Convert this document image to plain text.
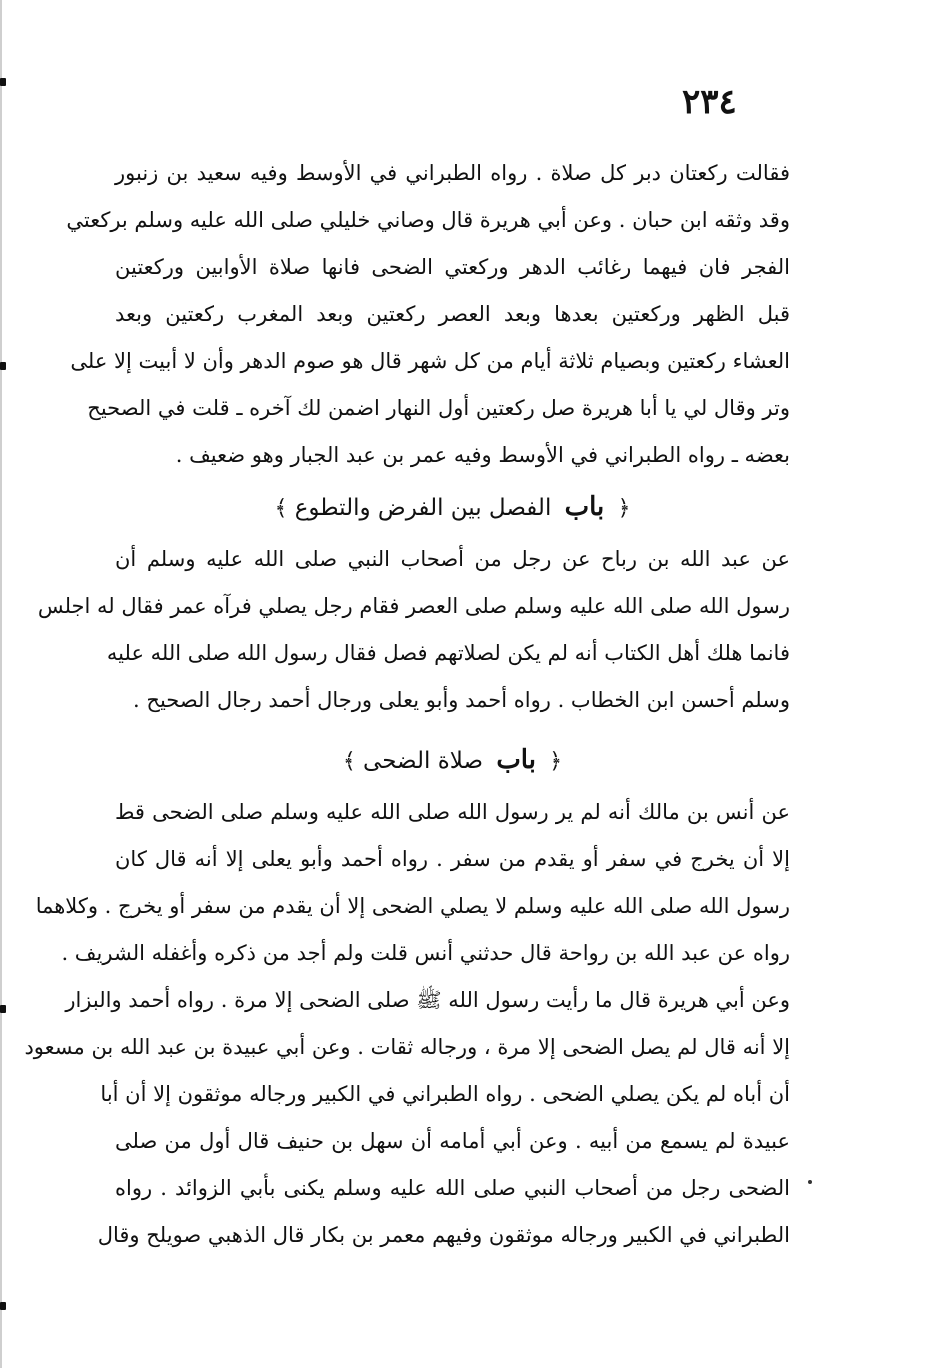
٢٣٤
فقالت ركعتان دبر كل صلاة . رواه الطبراني في الأوسط وفيه سعيد بن زنبور
وقد وثقه ابن حبان . وعن أبي هريرة قال وصاني خليلي صلى الله عليه وسلم بركعتي
الفجر فان فيهما رغائب الدهر وركعتي الضحى فانها صلاة الأوابين وركعتين
قبل الظهر وركعتين بعدها وبعد العصر ركعتين وبعد المغرب ركعتين وبعد
العشاء ركعتين وبصيام ثلاثة أيام من كل شهر قال هو صوم الدهر وأن لا أبيت إلا على
وتر وقال لي يا أبا هريرة صل ركعتين أول النهار اضمن لك آخره ـ قلت في الصحيح
بعضه ـ رواه الطبراني في الأوسط وفيه عمر بن عبد الجبار وهو ضعيف .
﴿ باب الفصل بين الفرض والتطوع ﴾
عن عبد الله بن رباح عن رجل من أصحاب النبي صلى الله عليه وسلم أن
رسول الله صلى الله عليه وسلم صلى العصر فقام رجل يصلي فرآه عمر فقال له اجلس
فانما هلك أهل الكتاب أنه لم يكن لصلاتهم فصل فقال رسول الله صلى الله عليه
وسلم أحسن ابن الخطاب . رواه أحمد وأبو يعلى ورجال أحمد رجال الصحيح .
﴿ باب صلاة الضحى ﴾
عن أنس بن مالك أنه لم ير رسول الله صلى الله عليه وسلم صلى الضحى قط
إلا أن يخرج في سفر أو يقدم من سفر . رواه أحمد وأبو يعلى إلا أنه قال كان
رسول الله صلى الله عليه وسلم لا يصلي الضحى إلا أن يقدم من سفر أو يخرج . وكلاهما
رواه عن عبد الله بن رواحة قال حدثني أنس قلت ولم أجد من ذكره وأغفله الشريف .
وعن أبي هريرة قال ما رأيت رسول الله ﷺ صلى الضحى إلا مرة . رواه أحمد والبزار
إلا أنه قال لم يصل الضحى إلا مرة ، ورجاله ثقات . وعن أبي عبيدة بن عبد الله بن مسعود
أن أباه لم يكن يصلي الضحى . رواه الطبراني في الكبير ورجاله موثقون إلا أن أبا
عبيدة لم يسمع من أبيه . وعن أبي أمامه أن سهل بن حنيف قال أول من صلى
الضحى رجل من أصحاب النبي صلى الله عليه وسلم يكنى بأبي الزوائد . رواه
الطبراني في الكبير ورجاله موثقون وفيهم معمر بن بكار قال الذهبي صويلح وقال
